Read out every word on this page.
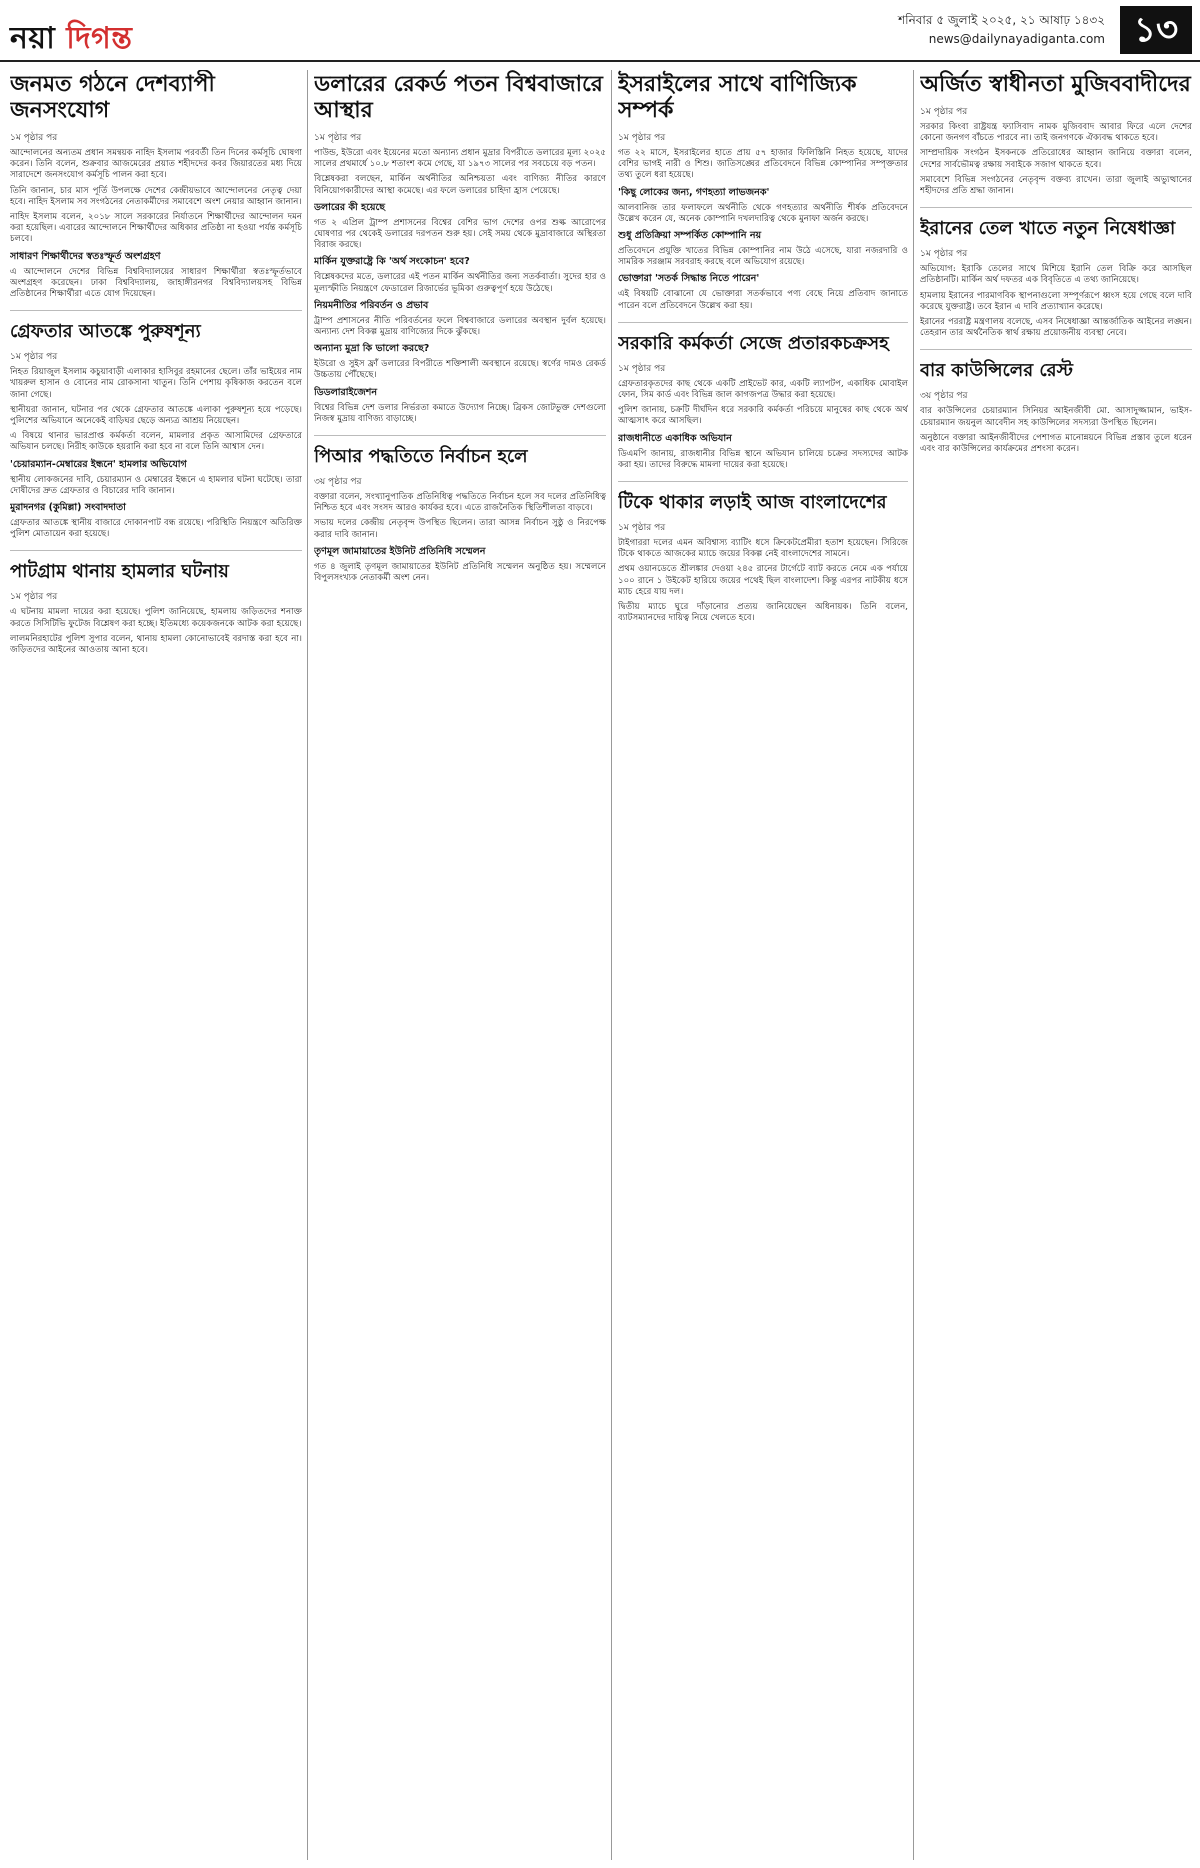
নয়া দিগন্ত
শনিবার ৫ জুলাই ২০২৫, ২১ আষাঢ় ১৪৩২
news@dailynayadiganta.com ১৩
জনমত গঠনে দেশব্যাপী জনসংযোগ
১ম পৃষ্ঠার পর

আন্দোলনের অন্যতম প্রধান সমন্বয়ক নাহিদ ইসলাম পরবর্তী তিন দিনের কর্মসূচি ঘোষণা করেন। তিনি বলেন, শুক্রবার আজমেরের প্রয়াত শহীদদের কবর জিয়ারতের মধ্য দিয়ে সারাদেশে জনসংযোগ কর্মসূচি পালন করা হবে।

তিনি জানান, চার মাস পূর্তি উপলক্ষে দেশের কেন্দ্রীয়ভাবে আন্দোলনের নেতৃত্ব দেয়া হবে। নাহিদ ইসলাম সব সংগঠনের নেতাকর্মীদের সমাবেশে অংশ নেয়ার আহ্বান জানান।

নাহিদ ইসলাম বলেন, ২০১৮ সালে সরকারের নির্যাতনে শিক্ষার্থীদের আন্দোলন দমন করা হয়েছিল। এবারের আন্দোলনে শিক্ষার্থীদের অধিকার প্রতিষ্ঠা না হওয়া পর্যন্ত কর্মসূচি চলবে।

সাধারণ শিক্ষার্থীদের স্বতঃস্ফূর্ত অংশগ্রহণ

এ আন্দোলনে দেশের বিভিন্ন বিশ্ববিদ্যালয়ের সাধারণ শিক্ষার্থীরা স্বতঃস্ফূর্তভাবে অংশগ্রহণ করেছেন। ঢাকা বিশ্ববিদ্যালয়, জাহাঙ্গীরনগর বিশ্ববিদ্যালয়সহ বিভিন্ন প্রতিষ্ঠানের শিক্ষার্থীরা এতে যোগ দিয়েছেন।

গ্রেফতার আতঙ্কে পুরুষশূন্য
১ম পৃষ্ঠার পর

নিহত রিয়াজুল ইসলাম কচুয়াবাড়ী এলাকার হাসিবুর রহমানের ছেলে। তাঁর ভাইয়ের নাম খায়রুল হাসান ও বোনের নাম রোকসানা খাতুন। তিনি পেশায় কৃষিকাজ করতেন বলে জানা গেছে।

স্থানীয়রা জানান, ঘটনার পর থেকে গ্রেফতার আতঙ্কে এলাকা পুরুষশূন্য হয়ে পড়েছে। পুলিশের অভিযানে অনেকেই বাড়িঘর ছেড়ে অন্যত্র আশ্রয় নিয়েছেন।

এ বিষয়ে থানার ভারপ্রাপ্ত কর্মকর্তা বলেন, মামলার প্রকৃত আসামিদের গ্রেফতারে অভিযান চলছে। নিরীহ কাউকে হয়রানি করা হবে না বলে তিনি আশ্বাস দেন।

'চেয়ারম্যান-মেম্বারের ইন্ধনে' হামলার অভিযোগ

স্থানীয় লোকজনের দাবি, চেয়ারম্যান ও মেম্বারের ইন্ধনে এ হামলার ঘটনা ঘটেছে। তারা দোষীদের দ্রুত গ্রেফতার ও বিচারের দাবি জানান।

মুরাদনগর (কুমিল্লা) সংবাদদাতা

গ্রেফতার আতঙ্কে স্থানীয় বাজারে দোকানপাট বন্ধ রয়েছে। পরিস্থিতি নিয়ন্ত্রণে অতিরিক্ত পুলিশ মোতায়েন করা হয়েছে।

পাটগ্রাম থানায় হামলার ঘটনায়
১ম পৃষ্ঠার পর

এ ঘটনায় মামলা দায়ের করা হয়েছে। পুলিশ জানিয়েছে, হামলায় জড়িতদের শনাক্ত করতে সিসিটিভি ফুটেজ বিশ্লেষণ করা হচ্ছে। ইতিমধ্যে কয়েকজনকে আটক করা হয়েছে।

লালমনিরহাটের পুলিশ সুপার বলেন, থানায় হামলা কোনোভাবেই বরদাস্ত করা হবে না। জড়িতদের আইনের আওতায় আনা হবে।

ডলারের রেকর্ড পতন বিশ্ববাজারে আস্থার
১ম পৃষ্ঠার পর

পাউন্ড, ইউরো এবং ইয়েনের মতো অন্যান্য প্রধান মুদ্রার বিপরীতে ডলারের মূল্য ২০২৫ সালের প্রথমার্ধে ১০.৮ শতাংশ কমে গেছে, যা ১৯৭৩ সালের পর সবচেয়ে বড় পতন।

বিশ্লেষকরা বলছেন, মার্কিন অর্থনীতির অনিশ্চয়তা এবং বাণিজ্য নীতির কারণে বিনিয়োগকারীদের আস্থা কমেছে। এর ফলে ডলারের চাহিদা হ্রাস পেয়েছে।

ডলারের কী হয়েছে

গত ২ এপ্রিল ট্রাম্প প্রশাসনের বিশ্বের বেশির ভাগ দেশের ওপর শুল্ক আরোপের ঘোষণার পর থেকেই ডলারের দরপতন শুরু হয়। সেই সময় থেকে মুদ্রাবাজারে অস্থিরতা বিরাজ করছে।

মার্কিন যুক্তরাষ্ট্রে কি 'অর্থ সংকোচন' হবে?

বিশ্লেষকদের মতে, ডলারের এই পতন মার্কিন অর্থনীতির জন্য সতর্কবার্তা। সুদের হার ও মূল্যস্ফীতি নিয়ন্ত্রণে ফেডারেল রিজার্ভের ভূমিকা গুরুত্বপূর্ণ হয়ে উঠেছে।

নিয়মনীতির পরিবর্তন ও প্রভাব

ট্রাম্প প্রশাসনের নীতি পরিবর্তনের ফলে বিশ্ববাজারে ডলারের অবস্থান দুর্বল হয়েছে। অন্যান্য দেশ বিকল্প মুদ্রায় বাণিজ্যের দিকে ঝুঁকছে।

অন্যান্য মুদ্রা কি ভালো করছে?

ইউরো ও সুইস ফ্রাঁ ডলারের বিপরীতে শক্তিশালী অবস্থানে রয়েছে। স্বর্ণের দামও রেকর্ড উচ্চতায় পৌঁছেছে।

ডিডলারাইজেশন

বিশ্বের বিভিন্ন দেশ ডলার নির্ভরতা কমাতে উদ্যোগ নিচ্ছে। ব্রিকস জোটভুক্ত দেশগুলো নিজস্ব মুদ্রায় বাণিজ্য বাড়াচ্ছে।

পিআর পদ্ধতিতে নির্বাচন হলে
৩য় পৃষ্ঠার পর

বক্তারা বলেন, সংখ্যানুপাতিক প্রতিনিধিত্ব পদ্ধতিতে নির্বাচন হলে সব দলের প্রতিনিধিত্ব নিশ্চিত হবে এবং সংসদ আরও কার্যকর হবে। এতে রাজনৈতিক স্থিতিশীলতা বাড়বে।

সভায় দলের কেন্দ্রীয় নেতৃবৃন্দ উপস্থিত ছিলেন। তারা আসন্ন নির্বাচন সুষ্ঠু ও নিরপেক্ষ করার দাবি জানান।

তৃণমূল জামায়াতের ইউনিট প্রতিনিধি সম্মেলন

গত ৪ জুলাই তৃণমূল জামায়াতের ইউনিট প্রতিনিধি সম্মেলন অনুষ্ঠিত হয়। সম্মেলনে বিপুলসংখ্যক নেতাকর্মী অংশ নেন।

ইসরাইলের সাথে বাণিজ্যিক সম্পর্ক
১ম পৃষ্ঠার পর

গত ২২ মাসে, ইসরাইলের হাতে প্রায় ৫৭ হাজার ফিলিস্তিনি নিহত হয়েছে, যাদের বেশির ভাগই নারী ও শিশু। জাতিসঙ্ঘের প্রতিবেদনে বিভিন্ন কোম্পানির সম্পৃক্ততার তথ্য তুলে ধরা হয়েছে।

'কিছু লোকের জন্য, গণহত্যা লাভজনক'

আলবানিজ তার ফলাফলে অর্থনীতি থেকে গণহত্যার অর্থনীতি শীর্ষক প্রতিবেদনে উল্লেখ করেন যে, অনেক কোম্পানি দখলদারিত্ব থেকে মুনাফা অর্জন করছে।

শুধু প্রতিক্রিয়া সম্পর্কিত কোম্পানি নয়

প্রতিবেদনে প্রযুক্তি খাতের বিভিন্ন কোম্পানির নাম উঠে এসেছে, যারা নজরদারি ও সামরিক সরঞ্জাম সরবরাহ করছে বলে অভিযোগ রয়েছে।

ভোক্তারা 'সতর্ক সিদ্ধান্ত নিতে পারেন'

এই বিষয়টি বোঝানো যে ভোক্তারা সতর্কভাবে পণ্য বেছে নিয়ে প্রতিবাদ জানাতে পারেন বলে প্রতিবেদনে উল্লেখ করা হয়।

সরকারি কর্মকর্তা সেজে প্রতারকচক্রসহ
১ম পৃষ্ঠার পর

গ্রেফতারকৃতদের কাছ থেকে একটি প্রাইভেট কার, একটি ল্যাপটপ, একাধিক মোবাইল ফোন, সিম কার্ড এবং বিভিন্ন জাল কাগজপত্র উদ্ধার করা হয়েছে।

পুলিশ জানায়, চক্রটি দীর্ঘদিন ধরে সরকারি কর্মকর্তা পরিচয়ে মানুষের কাছ থেকে অর্থ আত্মসাৎ করে আসছিল।

রাজধানীতে একাধিক অভিযান

ডিএমপি জানায়, রাজধানীর বিভিন্ন স্থানে অভিযান চালিয়ে চক্রের সদস্যদের আটক করা হয়। তাদের বিরুদ্ধে মামলা দায়ের করা হয়েছে।

টিকে থাকার লড়াই আজ বাংলাদেশের
১ম পৃষ্ঠার পর

টাইগাররা দলের এমন অবিশ্বাস্য ব্যাটিং ধসে ক্রিকেটপ্রেমীরা হতাশ হয়েছেন। সিরিজে টিকে থাকতে আজকের ম্যাচে জয়ের বিকল্প নেই বাংলাদেশের সামনে।

প্রথম ওয়ানডেতে শ্রীলঙ্কার দেওয়া ২৪৫ রানের টার্গেটে ব্যাট করতে নেমে এক পর্যায়ে ১০০ রানে ১ উইকেট হারিয়ে জয়ের পথেই ছিল বাংলাদেশ। কিন্তু এরপর নাটকীয় ধসে ম্যাচ হেরে যায় দল।

দ্বিতীয় ম্যাচে ঘুরে দাঁড়ানোর প্রত্যয় জানিয়েছেন অধিনায়ক। তিনি বলেন, ব্যাটসম্যানদের দায়িত্ব নিয়ে খেলতে হবে।

অর্জিত স্বাধীনতা মুজিববাদীদের
১ম পৃষ্ঠার পর

সরকার কিংবা রাষ্ট্রযন্ত্র ফ্যাসিবাদ নামক মুজিববাদ আবার ফিরে এলে দেশের কোনো জনগণ বাঁচতে পারবে না। তাই জনগণকে ঐক্যবদ্ধ থাকতে হবে।

সাম্প্রদায়িক সংগঠন ইসকনকে প্রতিরোধের আহ্বান জানিয়ে বক্তারা বলেন, দেশের সার্বভৌমত্ব রক্ষায় সবাইকে সজাগ থাকতে হবে।

সমাবেশে বিভিন্ন সংগঠনের নেতৃবৃন্দ বক্তব্য রাখেন। তারা জুলাই অভ্যুত্থানের শহীদদের প্রতি শ্রদ্ধা জানান।

ইরানের তেল খাতে নতুন নিষেধাজ্ঞা
১ম পৃষ্ঠার পর

অভিযোগ: ইরাকি তেলের সাথে মিশিয়ে ইরানি তেল বিক্রি করে আসছিল প্রতিষ্ঠানটি। মার্কিন অর্থ দফতর এক বিবৃতিতে এ তথ্য জানিয়েছে।

হামলায় ইরানের পারমাণবিক স্থাপনাগুলো সম্পূর্ণরূপে ধ্বংস হয়ে গেছে বলে দাবি করেছে যুক্তরাষ্ট্র। তবে ইরান এ দাবি প্রত্যাখ্যান করেছে।

ইরানের পররাষ্ট্র মন্ত্রণালয় বলেছে, এসব নিষেধাজ্ঞা আন্তর্জাতিক আইনের লঙ্ঘন। তেহরান তার অর্থনৈতিক স্বার্থ রক্ষায় প্রয়োজনীয় ব্যবস্থা নেবে।

বার কাউন্সিলের রেস্ট
৩য় পৃষ্ঠার পর

বার কাউন্সিলের চেয়ারম্যান সিনিয়র আইনজীবী মো. আসাদুজ্জামান, ভাইস-চেয়ারম্যান জয়নুল আবেদীন সহ কাউন্সিলের সদস্যরা উপস্থিত ছিলেন।

অনুষ্ঠানে বক্তারা আইনজীবীদের পেশাগত মানোন্নয়নে বিভিন্ন প্রস্তাব তুলে ধরেন এবং বার কাউন্সিলের কার্যক্রমের প্রশংসা করেন।
